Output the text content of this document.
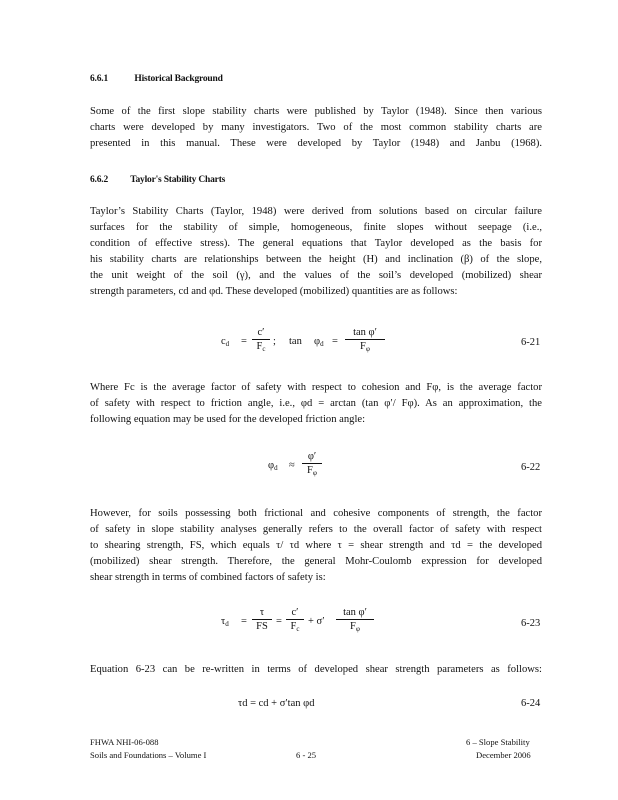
6.6.1	Historical Background
Some of the first slope stability charts were published by Taylor (1948). Since then various
charts were developed by many investigators. Two of the most common stability charts are
presented in this manual. These were developed by Taylor (1948) and Janbu (1968).
6.6.2 Taylor's Stability Charts
Taylor’s Stability Charts (Taylor, 1948) were derived from solutions based on circular failure
surfaces for the stability of simple, homogeneous, finite slopes without seepage (i.e.,
condition of effective stress). The general equations that Taylor developed as the basis for
his stability charts are relationships between the height (H) and inclination (β) of the slope,
the unit weight of the soil (γ), and the values of the soil’s developed (mobilized) shear
strength parameters, cd and φd. These developed (mobilized) quantities are as follows:
$c_d = \frac{c'}{F_c}$ ; $\tan \varphi_d = \frac{\text{tan φ′}}{F_\varphi}$	6-21
Where Fc is the average factor of safety with respect to cohesion and Fφ, is the average factor
of safety with respect to friction angle, i.e., φd = arctan (tan φ′/ Fφ). As an approximation, the
following equation may be used for the developed friction angle:
$\varphi_d \approx \frac{\varphi'}{F_\varphi}$	6-22
However, for soils possessing both frictional and cohesive components of strength, the factor
of safety in slope stability analyses generally refers to the overall factor of safety with respect
to shearing strength, FS, which equals τ/ τd where τ = shear strength and τd = the developed
(mobilized) shear strength. Therefore, the general Mohr-Coulomb expression for developed
shear strength in terms of combined factors of safety is:
$\tau_d = \frac{\tau}{FS} = \frac{c'}{F_c} + \sigma' \frac{\text{tan φ′}}{F_\varphi}$	6-23
Equation 6-23 can be re-written in terms of developed shear strength parameters as follows:
τd = cd + σ′tan φd	6-24
FHWA NHI-06-088
Soils and Foundations – Volume I	6 - 25
6 – Slope Stability
December 2006
